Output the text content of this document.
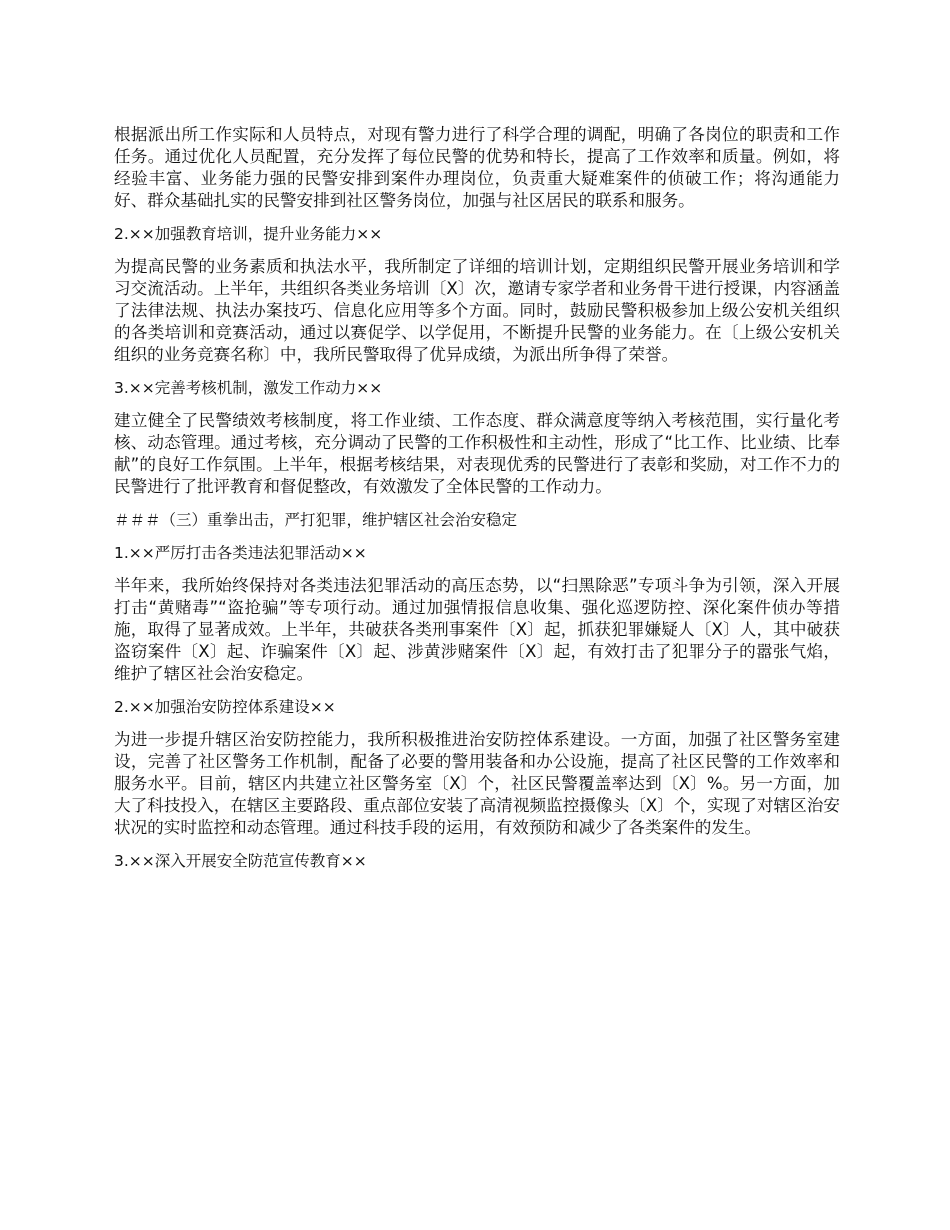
根据派出所工作实际和人员特点，对现有警力进行了科学合理的调配，明确了各岗位的职责和工作任务。通过优化人员配置，充分发挥了每位民警的优势和特长，提高了工作效率和质量。例如，将经验丰富、业务能力强的民警安排到案件办理岗位，负责重大疑难案件的侦破工作；将沟通能力好、群众基础扎实的民警安排到社区警务岗位，加强与社区居民的联系和服务。

2.××加强教育培训，提升业务能力××

为提高民警的业务素质和执法水平，我所制定了详细的培训计划，定期组织民警开展业务培训和学习交流活动。上半年，共组织各类业务培训〔X〕次，邀请专家学者和业务骨干进行授课，内容涵盖了法律法规、执法办案技巧、信息化应用等多个方面。同时，鼓励民警积极参加上级公安机关组织的各类培训和竞赛活动，通过以赛促学、以学促用，不断提升民警的业务能力。在〔上级公安机关组织的业务竞赛名称〕中，我所民警取得了优异成绩，为派出所争得了荣誉。

3.××完善考核机制，激发工作动力××

建立健全了民警绩效考核制度，将工作业绩、工作态度、群众满意度等纳入考核范围，实行量化考核、动态管理。通过考核，充分调动了民警的工作积极性和主动性，形成了“比工作、比业绩、比奉献”的良好工作氛围。上半年，根据考核结果，对表现优秀的民警进行了表彰和奖励，对工作不力的民警进行了批评教育和督促整改，有效激发了全体民警的工作动力。

＃＃＃（三）重拳出击，严打犯罪，维护辖区社会治安稳定

1.××严厉打击各类违法犯罪活动××

半年来，我所始终保持对各类违法犯罪活动的高压态势，以“扫黑除恶”专项斗争为引领，深入开展打击“黄赌毒”“盗抢骗”等专项行动。通过加强情报信息收集、强化巡逻防控、深化案件侦办等措施，取得了显著成效。上半年，共破获各类刑事案件〔X〕起，抓获犯罪嫌疑人〔X〕人，其中破获盗窃案件〔X〕起、诈骗案件〔X〕起、涉黄涉赌案件〔X〕起，有效打击了犯罪分子的嚣张气焰，维护了辖区社会治安稳定。

2.××加强治安防控体系建设××

为进一步提升辖区治安防控能力，我所积极推进治安防控体系建设。一方面，加强了社区警务室建设，完善了社区警务工作机制，配备了必要的警用装备和办公设施，提高了社区民警的工作效率和服务水平。目前，辖区内共建立社区警务室〔X〕个，社区民警覆盖率达到〔X〕%。另一方面，加大了科技投入，在辖区主要路段、重点部位安装了高清视频监控摄像头〔X〕个，实现了对辖区治安状况的实时监控和动态管理。通过科技手段的运用，有效预防和减少了各类案件的发生。

3.××深入开展安全防范宣传教育××
